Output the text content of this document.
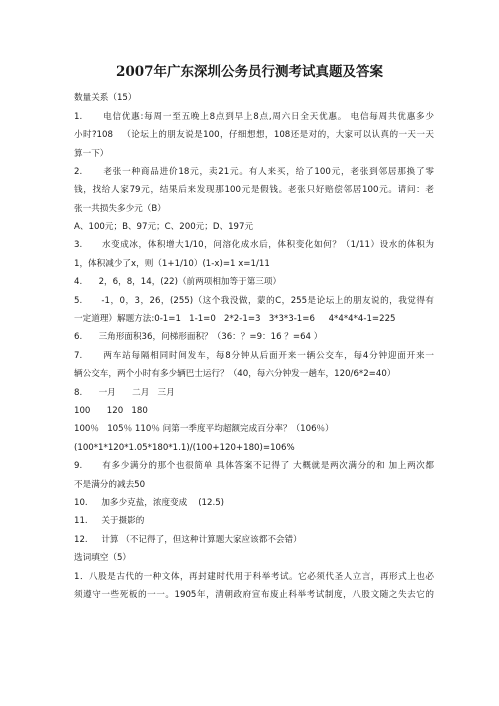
2007年广东深圳公务员行测考试真题及答案
数量关系（15）
1.      电信优惠:每周一至五晚上8点到早上8点,周六日全天优惠。 电信每周共优惠多少
小时?108   （论坛上的朋友说是100，仔细想想，108还是对的，大家可以认真的一天一天
算一下）
2.      老张一种商品进价18元，卖21元。有人来买，给了100元，老张到邻居那换了零
钱，找给人家79元，结果后来发现那100元是假钱。老张只好赔偿邻居100元。请问：老
张一共损失多少元（B）
A、100元；B、97元；C、200元；D、197元
3.      水变成冰，体积增大1/10，问溶化成水后，体积变化如何？（1/11）设水的体积为
1，体积减少了x，则（1+1/10）(1-x)=1 x=1/11
4.      2，6，8，14，(22)（前两项相加等于第三项）
5.      -1，0，3，26，(255)（这个我没做，蒙的C，255是论坛上的朋友说的，我觉得有
一定道理）解题方法:0-1=1   1-1=0   2*2-1=3   3*3*3-1=6     4*4*4*4-1=225
6.      三角形面积36，问梯形面积？（36：？=9：16 ？=64 ）
7.      两车站每隔相同时间发车，每8分钟从后面开来一辆公交车，每4分钟迎面开来一
辆公交车，两个小时有多少辆巴士运行？（40，每六分钟发一趟车，120/6*2=40）
8.      一月      二月   三月
100      120   180
100％   105％ 110％ 问第一季度平均超额完成百分率？（106％）
(100*1*120*1.05*180*1.1)/(100+120+180)=106%
9.      有多少满分的那个也很简单 具体答案不记得了 大概就是两次满分的和 加上两次都
不是满分的减去50
10.     加多少克盐，浓度变成    (12.5)
11.     关于摄影的
12.     计算 （不记得了，但这种计算题大家应该都不会错）
选词填空（5）
1．八股是古代的一种文体，再封建时代用于科举考试。它必须代圣人立言，再形式上也必
须遵守一些死板的一一。1905年，清朝政府宣布废止科举考试制度，八股文随之失去它的
